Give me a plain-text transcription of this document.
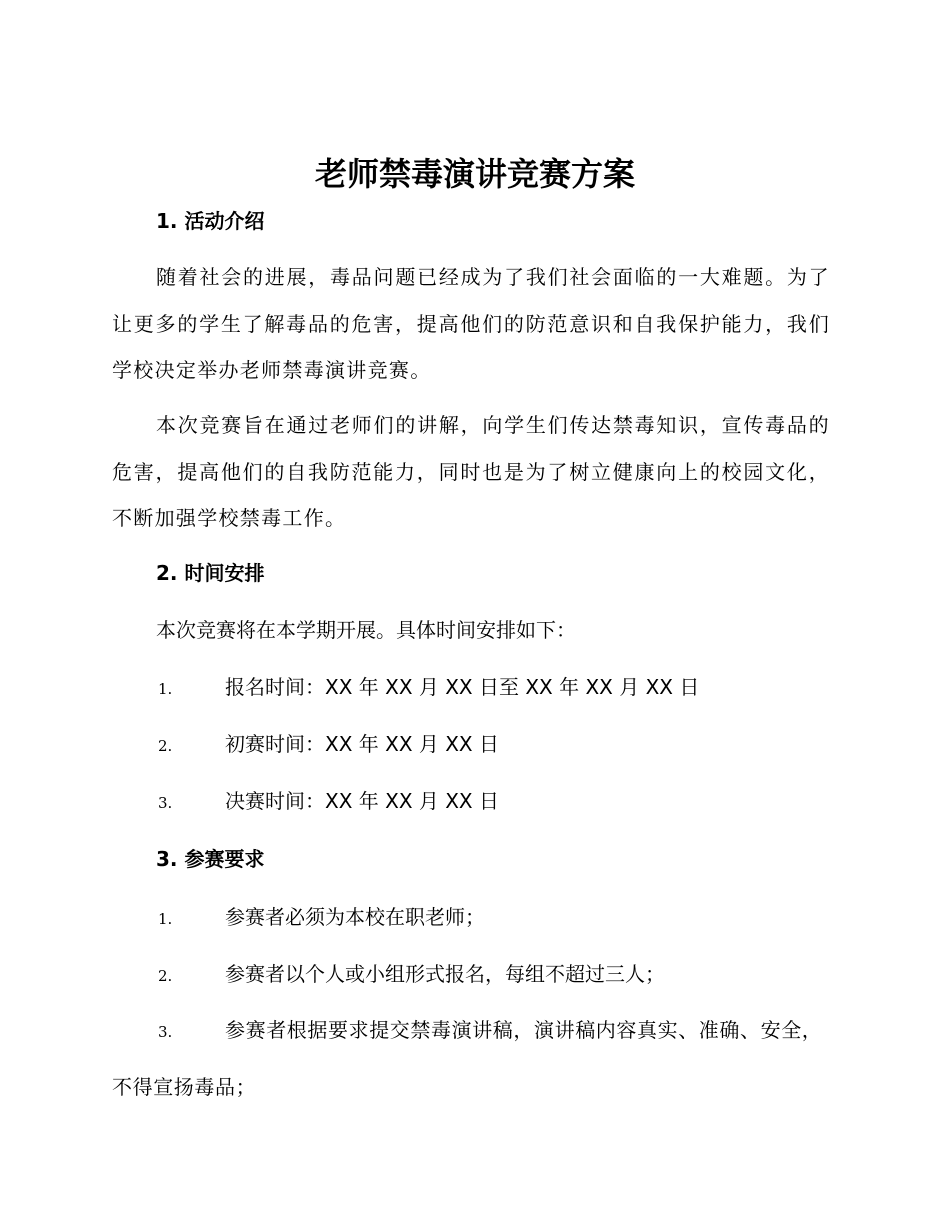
老师禁毒演讲竞赛方案
1. 活动介绍

随着社会的进展，毒品问题已经成为了我们社会面临的一大难题。为了让更多的学生了解毒品的危害，提高他们的防范意识和自我保护能力，我们学校决定举办老师禁毒演讲竞赛。

本次竞赛旨在通过老师们的讲解，向学生们传达禁毒知识，宣传毒品的危害，提高他们的自我防范能力，同时也是为了树立健康向上的校园文化，不断加强学校禁毒工作。

2. 时间安排

本次竞赛将在本学期开展。具体时间安排如下：

1.	报名时间：XX 年 XX 月 XX 日至 XX 年 XX 月 XX 日
2.	初赛时间：XX 年 XX 月 XX 日
3.	决赛时间：XX 年 XX 月 XX 日
3. 参赛要求
1.	参赛者必须为本校在职老师；
2.	参赛者以个人或小组形式报名，每组不超过三人；
3.	参赛者根据要求提交禁毒演讲稿，演讲稿内容真实、准确、安全，不得宣扬毒品；
